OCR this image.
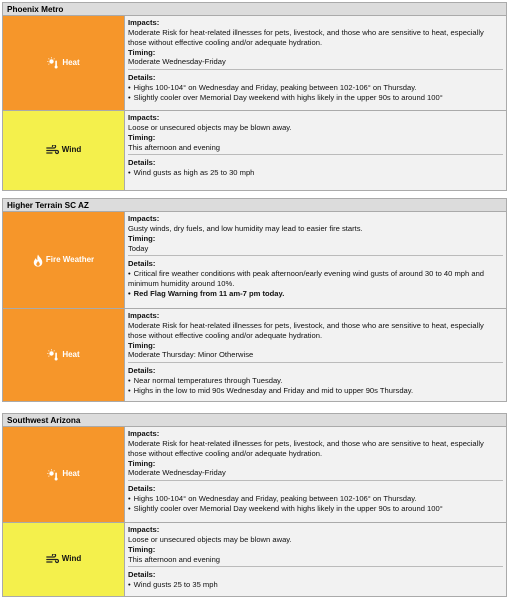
Phoenix Metro
Heat
Impacts:
Moderate Risk for heat-related illnesses for pets, livestock, and those who are sensitive to heat, especially those without effective cooling and/or adequate hydration.
Timing:
Moderate Wednesday-Friday
Details:
• Highs 100-104° on Wednesday and Friday, peaking between 102-106° on Thursday.
• Slightly cooler over Memorial Day weekend with highs likely in the upper 90s to around 100°
Wind
Impacts:
Loose or unsecured objects may be blown away.
Timing:
This afternoon and evening
Details:
• Wind gusts as high as 25 to 30 mph
Higher Terrain SC AZ
Fire Weather
Impacts:
Gusty winds, dry fuels, and low humidity may lead to easier fire starts.
Timing:
Today
Details:
• Critical fire weather conditions with peak afternoon/early evening wind gusts of around 30 to 40 mph and minimum humidity around 10%.
• Red Flag Warning from 11 am-7 pm today.
Heat
Impacts:
Moderate Risk for heat-related illnesses for pets, livestock, and those who are sensitive to heat, especially those without effective cooling and/or adequate hydration.
Timing:
Moderate Thursday: Minor Otherwise
Details:
• Near normal temperatures through Tuesday.
• Highs in the low to mid 90s Wednesday and Friday and mid to upper 90s Thursday.
Southwest Arizona
Heat
Impacts:
Moderate Risk for heat-related illnesses for pets, livestock, and those who are sensitive to heat, especially those without effective cooling and/or adequate hydration.
Timing:
Moderate Wednesday-Friday
Details:
• Highs 100-104° on Wednesday and Friday, peaking between 102-106° on Thursday.
• Slightly cooler over Memorial Day weekend with highs likely in the upper 90s to around 100°
Wind
Impacts:
Loose or unsecured objects may be blown away.
Timing:
This afternoon and evening
Details:
• Wind gusts 25 to 35 mph
